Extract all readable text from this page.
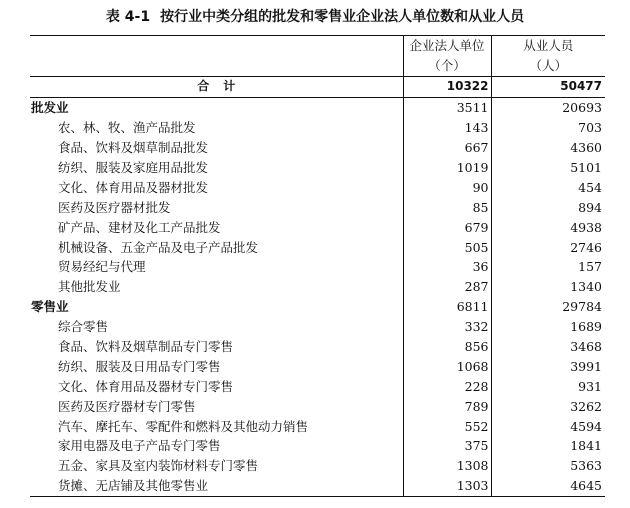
表 4-1 按行业中类分组的批发和零售业企业法人单位数和从业人员
	企业法人单位	从业人员
	（个）	（人）
合计	10322	50477
批发业	3511	20693
农、林、牧、渔产品批发	143	703
食品、饮料及烟草制品批发	667	4360
纺织、服装及家庭用品批发	1019	5101
文化、体育用品及器材批发	90	454
医药及医疗器材批发	85	894
矿产品、建材及化工产品批发	679	4938
机械设备、五金产品及电子产品批发	505	2746
贸易经纪与代理	36	157
其他批发业	287	1340
零售业	6811	29784
综合零售	332	1689
食品、饮料及烟草制品专门零售	856	3468
纺织、服装及日用品专门零售	1068	3991
文化、体育用品及器材专门零售	228	931
医药及医疗器材专门零售	789	3262
汽车、摩托车、零配件和燃料及其他动力销售	552	4594
家用电器及电子产品专门零售	375	1841
五金、家具及室内装饰材料专门零售	1308	5363
货摊、无店铺及其他零售业	1303	4645
